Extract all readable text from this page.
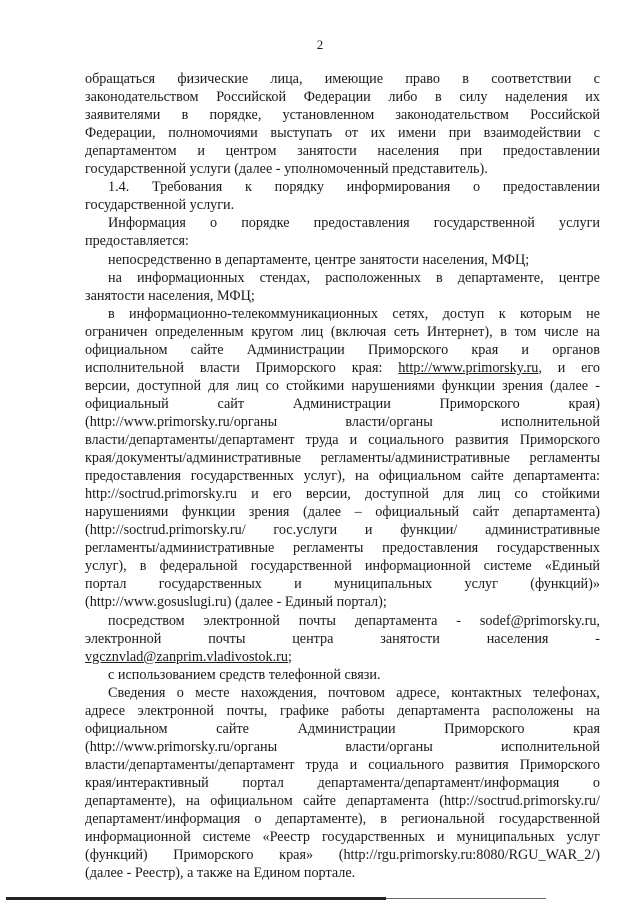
2
обращаться физические лица, имеющие право в соответствии с
законодательством Российской Федерации либо в силу наделения их
заявителями в порядке, установленном законодательством Российской
Федерации, полномочиями выступать от их имени при взаимодействии с
департаментом и центром занятости населения при предоставлении
государственной услуги (далее - уполномоченный представитель).
1.4. Требования к порядку информирования о предоставлении
государственной услуги.
Информация о порядке предоставления государственной услуги
предоставляется:
непосредственно в департаменте, центре занятости населения, МФЦ;
на информационных стендах, расположенных в департаменте, центре
занятости населения, МФЦ;
в информационно-телекоммуникационных сетях, доступ к которым не
ограничен определенным кругом лиц (включая сеть Интернет), в том числе на
официальном сайте Администрации Приморского края и органов
исполнительной власти Приморского края: http://www.primorsky.ru, и его
версии, доступной для лиц со стойкими нарушениями функции зрения (далее -
официальный	сайт	Администрации	Приморского	края)
(http://www.primorsky.ru/органы	власти/органы	исполнительной
власти/департаменты/департамент труда и социального развития Приморского
края/документы/административные регламенты/административные регламенты
предоставления государственных услуг), на официальном сайте департамента:
http://soctrud.primorsky.ru и его версии, доступной для лиц со стойкими
нарушениями функции зрения (далее – официальный сайт департамента)
(http://soctrud.primorsky.ru/ гос.услуги и функции/ административные
регламенты/административные регламенты предоставления государственных
услуг), в федеральной государственной информационной системе «Единый
портал государственных и муниципальных услуг (функций)»
(http://www.gosuslugi.ru) (далее - Единый портал);
посредством электронной почты департамента - sodef@primorsky.ru,
электронной	почты	центра	занятости	населения	-
vgcznvlad@zanprim.vladivostok.ru;
с использованием средств телефонной связи.
Сведения о месте нахождения, почтовом адресе, контактных телефонах,
адресе электронной почты, графике работы департамента расположены на
официальном	сайте	Администрации	Приморского	края
(http://www.primorsky.ru/органы	власти/органы	исполнительной
власти/департаменты/департамент труда и социального развития Приморского
края/интерактивный портал департамента/департамент/информация о
департаменте), на официальном сайте департамента (http://soctrud.primorsky.ru/
департамент/информация о департаменте), в региональной государственной
информационной системе «Реестр государственных и муниципальных услуг
(функций) Приморского края» (http://rgu.primorsky.ru:8080/RGU_WAR_2/)
(далее - Реестр), а также на Едином портале.
